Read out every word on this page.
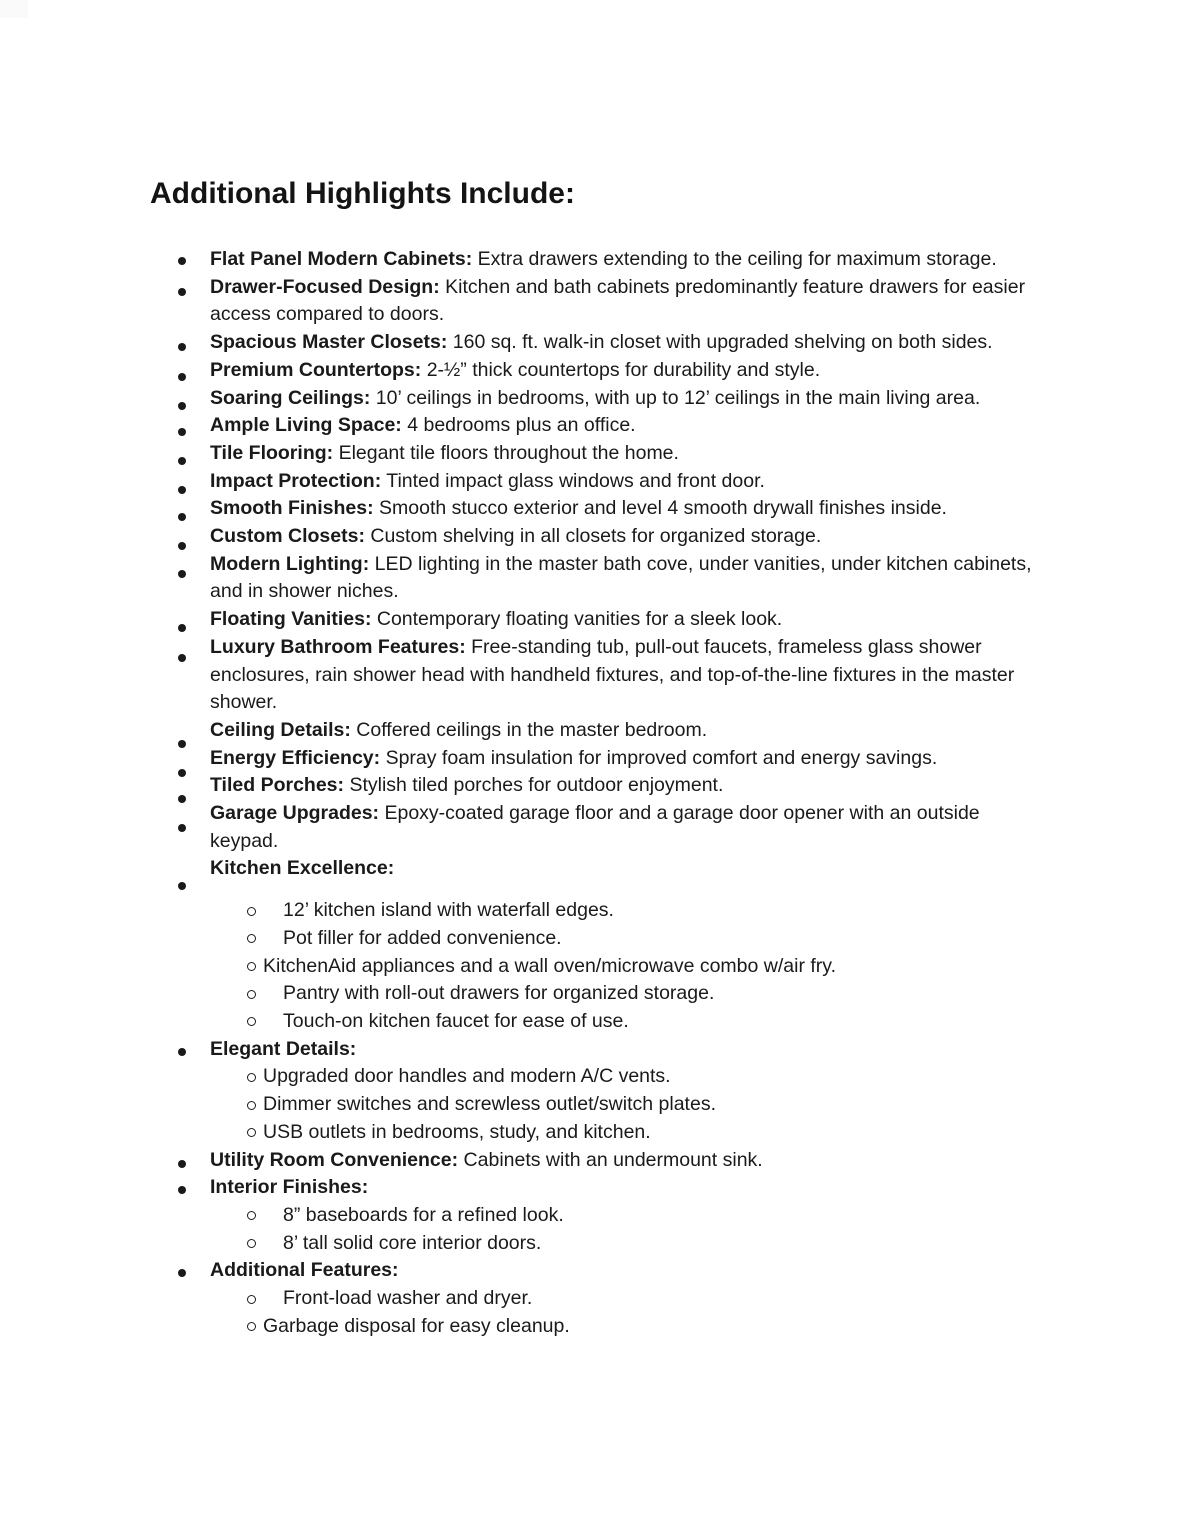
Additional Highlights Include:
Flat Panel Modern Cabinets: Extra drawers extending to the ceiling for maximum storage.
Drawer-Focused Design: Kitchen and bath cabinets predominantly feature drawers for easier access compared to doors.
Spacious Master Closets: 160 sq. ft. walk-in closet with upgraded shelving on both sides.
Premium Countertops: 2-½” thick countertops for durability and style.
Soaring Ceilings: 10’ ceilings in bedrooms, with up to 12’ ceilings in the main living area.
Ample Living Space: 4 bedrooms plus an office.
Tile Flooring: Elegant tile floors throughout the home.
Impact Protection: Tinted impact glass windows and front door.
Smooth Finishes: Smooth stucco exterior and level 4 smooth drywall finishes inside.
Custom Closets: Custom shelving in all closets for organized storage.
Modern Lighting: LED lighting in the master bath cove, under vanities, under kitchen cabinets, and in shower niches.
Floating Vanities: Contemporary floating vanities for a sleek look.
Luxury Bathroom Features: Free-standing tub, pull-out faucets, frameless glass shower enclosures, rain shower head with handheld fixtures, and top-of-the-line fixtures in the master shower.
Ceiling Details: Coffered ceilings in the master bedroom.
Energy Efficiency: Spray foam insulation for improved comfort and energy savings.
Tiled Porches: Stylish tiled porches for outdoor enjoyment.
Garage Upgrades: Epoxy-coated garage floor and a garage door opener with an outside keypad.
Kitchen Excellence:
12’ kitchen island with waterfall edges.
Pot filler for added convenience.
KitchenAid appliances and a wall oven/microwave combo w/air fry.
Pantry with roll-out drawers for organized storage.
Touch-on kitchen faucet for ease of use.
Elegant Details:
Upgraded door handles and modern A/C vents.
Dimmer switches and screwless outlet/switch plates.
USB outlets in bedrooms, study, and kitchen.
Utility Room Convenience: Cabinets with an undermount sink.
Interior Finishes:
8” baseboards for a refined look.
8’ tall solid core interior doors.
Additional Features:
Front-load washer and dryer.
Garbage disposal for easy cleanup.
